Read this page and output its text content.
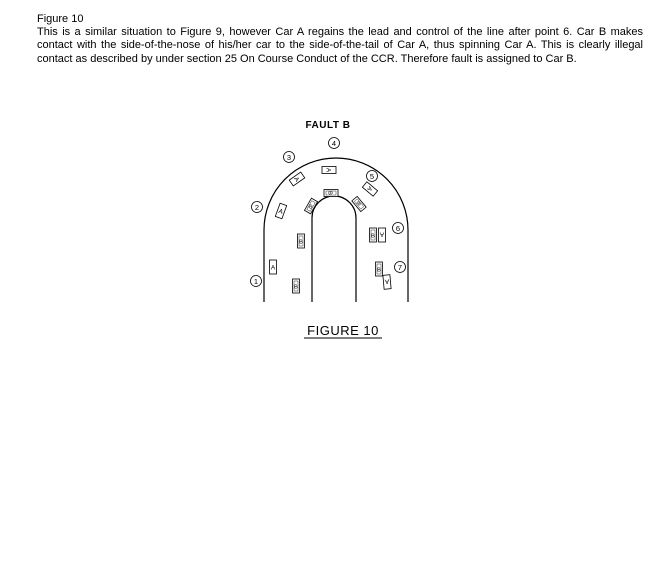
Figure 10
This is a similar situation to Figure 9, however Car A regains the lead and control of the line after point 6. Car B makes contact with the side-of-the-nose of his/her car to the side-of-the-tail of Car A, thus spinning Car A. This is clearly illegal contact as described by under section 25 On Course Conduct of the CCR. Therefore fault is assigned to Car B.
FAULT B
1
2
3
4
5
6
7
A
A
A
A
A
A
A
B
B
B
B
B
B
B
FIGURE 10
